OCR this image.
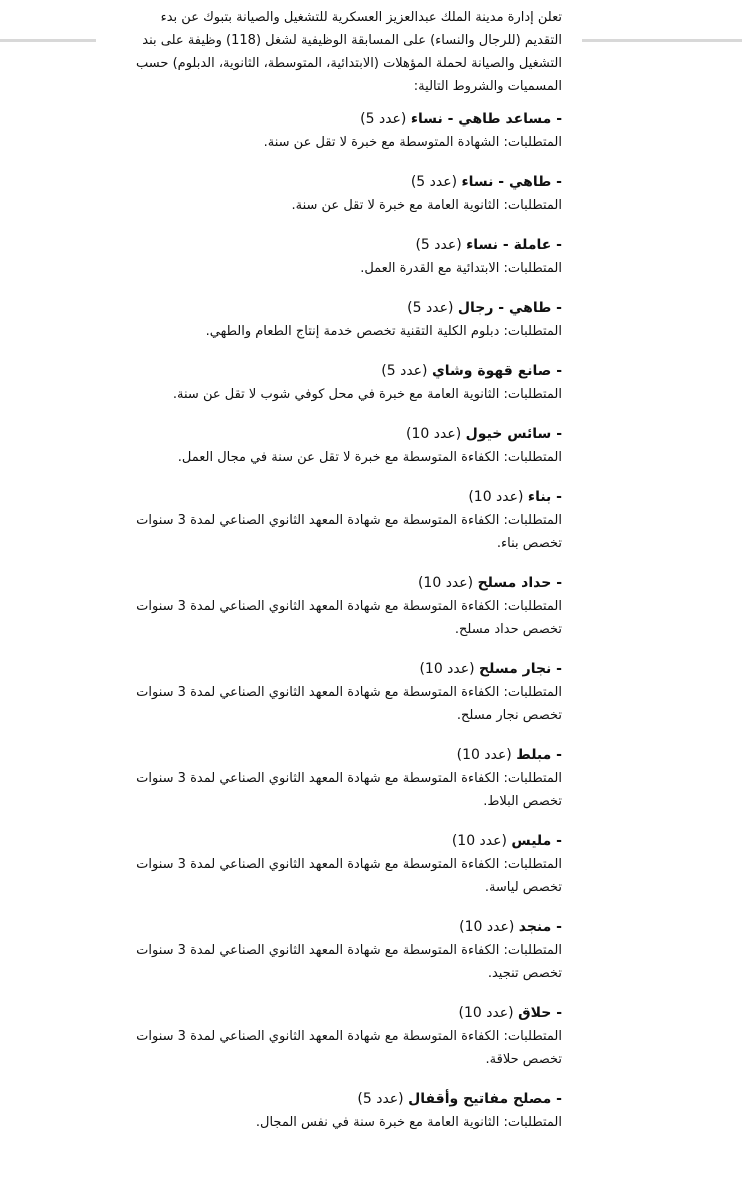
تعلن إدارة مدينة الملك عبدالعزيز العسكرية للتشغيل والصيانة بتبوك عن بدء التقديم (للرجال والنساء) على المسابقة الوظيفية لشغل (118) وظيفة على بند التشغيل والصيانة لحملة المؤهلات (الابتدائية، المتوسطة، الثانوية، الدبلوم) حسب المسميات والشروط التالية:

- مساعد طاهي - نساء (عدد 5)
المتطلبات: الشهادة المتوسطة مع خبرة لا تقل عن سنة.
- طاهي - نساء (عدد 5)
المتطلبات: الثانوية العامة مع خبرة لا تقل عن سنة.
- عاملة - نساء (عدد 5)
المتطلبات: الابتدائية مع القدرة العمل.
- طاهي - رجال (عدد 5)
المتطلبات: دبلوم الكلية التقنية تخصص خدمة إنتاج الطعام والطهي.
- صانع قهوة وشاي (عدد 5)
المتطلبات: الثانوية العامة مع خبرة في محل كوفي شوب لا تقل عن سنة.
- سائس خيول (عدد 10)
المتطلبات: الكفاءة المتوسطة مع خبرة لا تقل عن سنة في مجال العمل.
- بناء (عدد 10)
المتطلبات: الكفاءة المتوسطة مع شهادة المعهد الثانوي الصناعي لمدة 3 سنوات تخصص بناء.
- حداد مسلح (عدد 10)
المتطلبات: الكفاءة المتوسطة مع شهادة المعهد الثانوي الصناعي لمدة 3 سنوات تخصص حداد مسلح.
- نجار مسلح (عدد 10)
المتطلبات: الكفاءة المتوسطة مع شهادة المعهد الثانوي الصناعي لمدة 3 سنوات تخصص نجار مسلح.
- مبلط (عدد 10)
المتطلبات: الكفاءة المتوسطة مع شهادة المعهد الثانوي الصناعي لمدة 3 سنوات تخصص البلاط.
- مليس (عدد 10)
المتطلبات: الكفاءة المتوسطة مع شهادة المعهد الثانوي الصناعي لمدة 3 سنوات تخصص لياسة.
- منجد (عدد 10)
المتطلبات: الكفاءة المتوسطة مع شهادة المعهد الثانوي الصناعي لمدة 3 سنوات تخصص تنجيد.
- حلاق (عدد 10)
المتطلبات: الكفاءة المتوسطة مع شهادة المعهد الثانوي الصناعي لمدة 3 سنوات تخصص حلاقة.
- مصلح مفاتيح وأقفال (عدد 5)
المتطلبات: الثانوية العامة مع خبرة سنة في نفس المجال.
